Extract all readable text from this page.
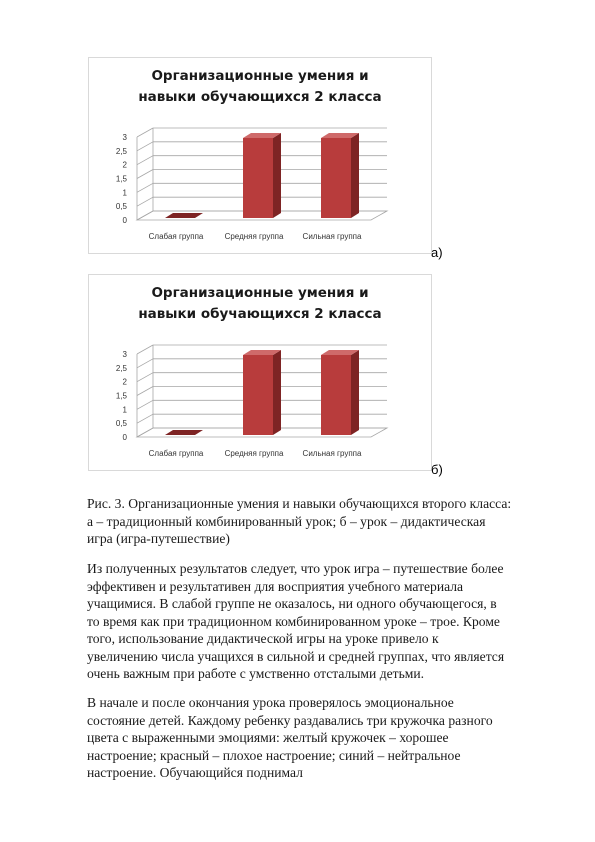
Организационные умения и
навыки обучающихся 2 класса
0
0,5
1
1,5
2
2,5
3
Слабая группа	Средняя группа Сильная группа
а)
Организационные умения и
навыки обучающихся 2 класса
0
0,5
1
1,5
2
2,5
3
Слабая группа	Средняя группа Сильная группа
б)
Рис. 3. Организационные умения и навыки обучающихся второго класса: а – традиционный комбинированный урок; б – урок – дидактическая игра (игра-путешествие)
Из полученных результатов следует, что урок игра – путешествие более эффективен и результативен для восприятия учебного материала учащимися. В слабой группе не оказалось, ни одного обучающегося, в то время как при традиционном комбинированном уроке – трое. Кроме того, использование дидактической игры на уроке привело к увеличению числа учащихся в сильной и средней группах, что является очень важным при работе с умственно отсталыми детьми.
В начале и после окончания урока проверялось эмоциональное состояние детей. Каждому ребенку раздавались три кружочка разного цвета с выраженными эмоциями: желтый кружочек – хорошее настроение; красный – плохое настроение; синий – нейтральное настроение. Обучающийся поднимал
